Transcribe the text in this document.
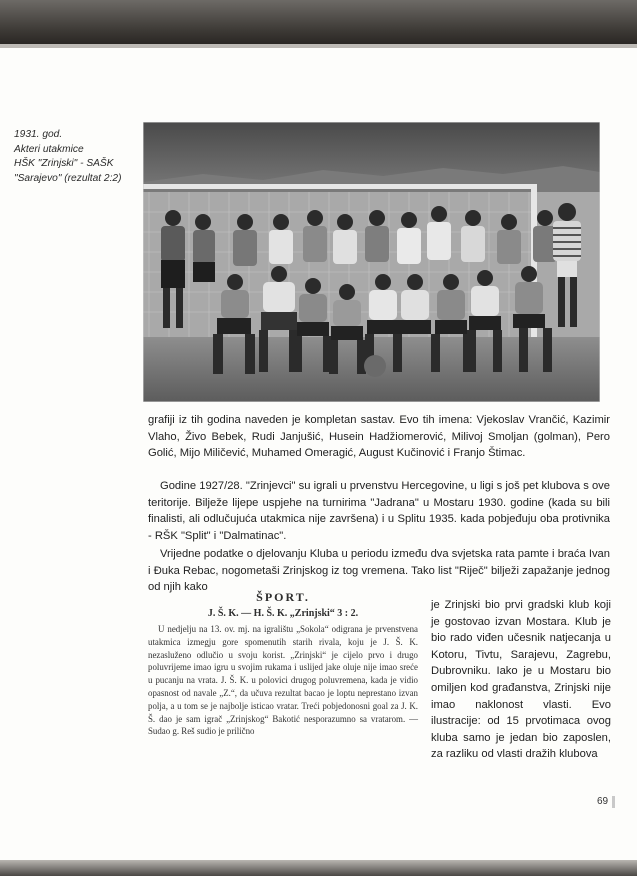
1931. god.
Akteri utakmice
HŠK "Zrinjski" - SAŠK
"Sarajevo" (rezultat 2:2)

grafiji iz tih godina naveden je kompletan sastav. Evo tih imena: Vjekoslav Vrančić, Kazimir Vlaho, Živo Bebek, Rudi Janjušić, Husein Hadžiomerović, Milivoj Smoljan (golman), Pero Golić, Mijo Miličević, Muhamed Omeragić, August Kučinović i Franjo Štimac.

Godine 1927/28. "Zrinjevci" su igrali u prvenstvu Hercegovine, u ligi s još pet klubova s ove teritorije. Bilježe lijepe uspjehe na turnirima "Jadrana" u Mostaru 1930. godine (kada su bili finalisti, ali odlučujuća utakmica nije završena) i u Splitu 1935. kada pobjeđuju oba protivnika - RŠK "Split" i "Dalmatinac".

Vrijedne podatke o djelovanju Kluba u periodu između dva svjetska rata pamte i braća Ivan i Đuka Rebac, nogometaši Zrinjskog iz tog vremena. Tako list "Riječ" bilježi zapažanje jednog od njih kako

ŠPORT.
J. Š. K. — H. Š. K. „Zrinjski“ 3 : 2.
U nedjelju na 13. ov. mj. na igralištu „Sokola“ odigrana je prvenstvena utakmica izmegju gore spomenutih starih rivala, koju je J. Š. K. nezasluženo odlučio u svoju korist. „Zrinjski“ je cijelo prvo i drugo poluvrijeme imao igru u svojim rukama i uslijed jake oluje nije imao sreće u pucanju na vrata. J. Š. K. u polovici drugog poluvremena, kada je vidio opasnost od navale „Z.“, da učuva rezultat bacao je loptu neprestano izvan polja, a u tom se je najbolje isticao vratar. Treći pobjedonosni goal za J. K. Š. dao je sam igrač „Zrinjskog“ Bakotić nesporazumno sa vratarom. — Sudao g. Reš sudio je prilično
je Zrinjski bio prvi gradski klub koji je gostovao izvan Mostara. Klub je bio rado viđen učesnik natjecanja u Kotoru, Tivtu, Sarajevu, Zagrebu, Dubrovniku. Iako je u Mostaru bio omiljen kod građanstva, Zrinjski nije imao naklonost vlasti. Evo ilustracije: od 15 prvotimaca ovog kluba samo je jedan bio zaposlen, za razliku od vlasti dražih klubova
69
